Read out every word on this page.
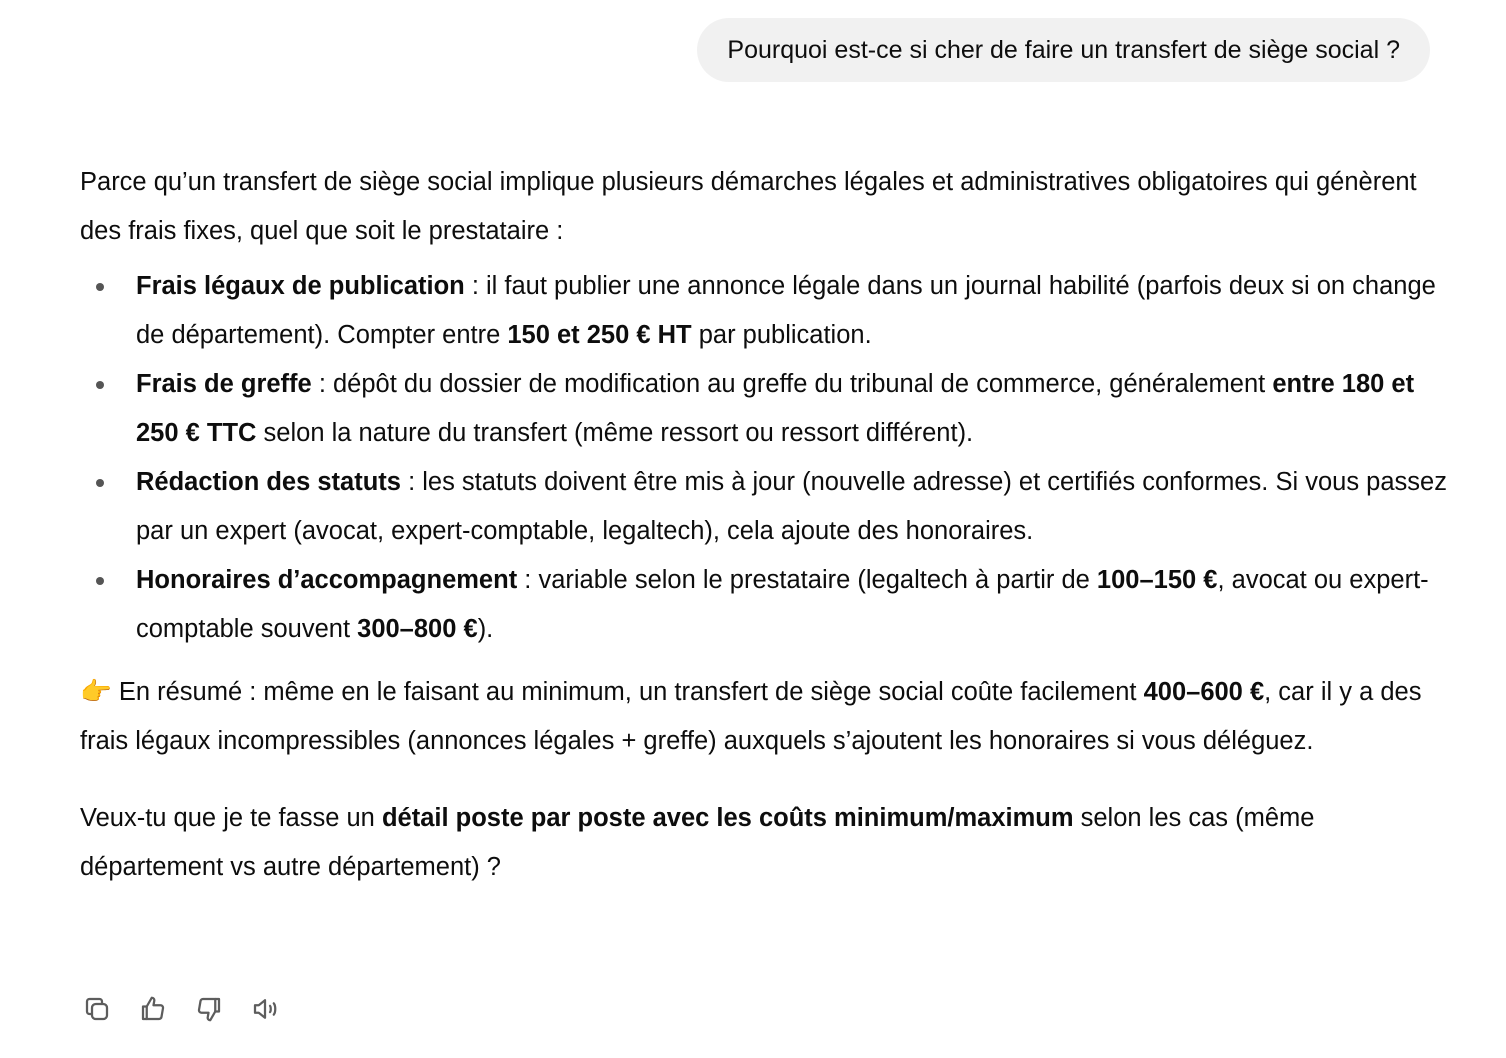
Pourquoi est-ce si cher de faire un transfert de siège social ?

Parce qu’un transfert de siège social implique plusieurs démarches légales et administratives obligatoires qui génèrent des frais fixes, quel que soit le prestataire :

Frais légaux de publication : il faut publier une annonce légale dans un journal habilité (parfois deux si on change de département). Compter entre 150 et 250 € HT par publication.
Frais de greffe : dépôt du dossier de modification au greffe du tribunal de commerce, généralement entre 180 et 250 € TTC selon la nature du transfert (même ressort ou ressort différent).
Rédaction des statuts : les statuts doivent être mis à jour (nouvelle adresse) et certifiés conformes. Si vous passez par un expert (avocat, expert-comptable, legaltech), cela ajoute des honoraires.
Honoraires d’accompagnement : variable selon le prestataire (legaltech à partir de 100–150 €, avocat ou expert-comptable souvent 300–800 €).

👉 En résumé : même en le faisant au minimum, un transfert de siège social coûte facilement 400–600 €, car il y a des frais légaux incompressibles (annonces légales + greffe) auxquels s’ajoutent les honoraires si vous déléguez.

Veux-tu que je te fasse un détail poste par poste avec les coûts minimum/maximum selon les cas (même département vs autre département) ?
